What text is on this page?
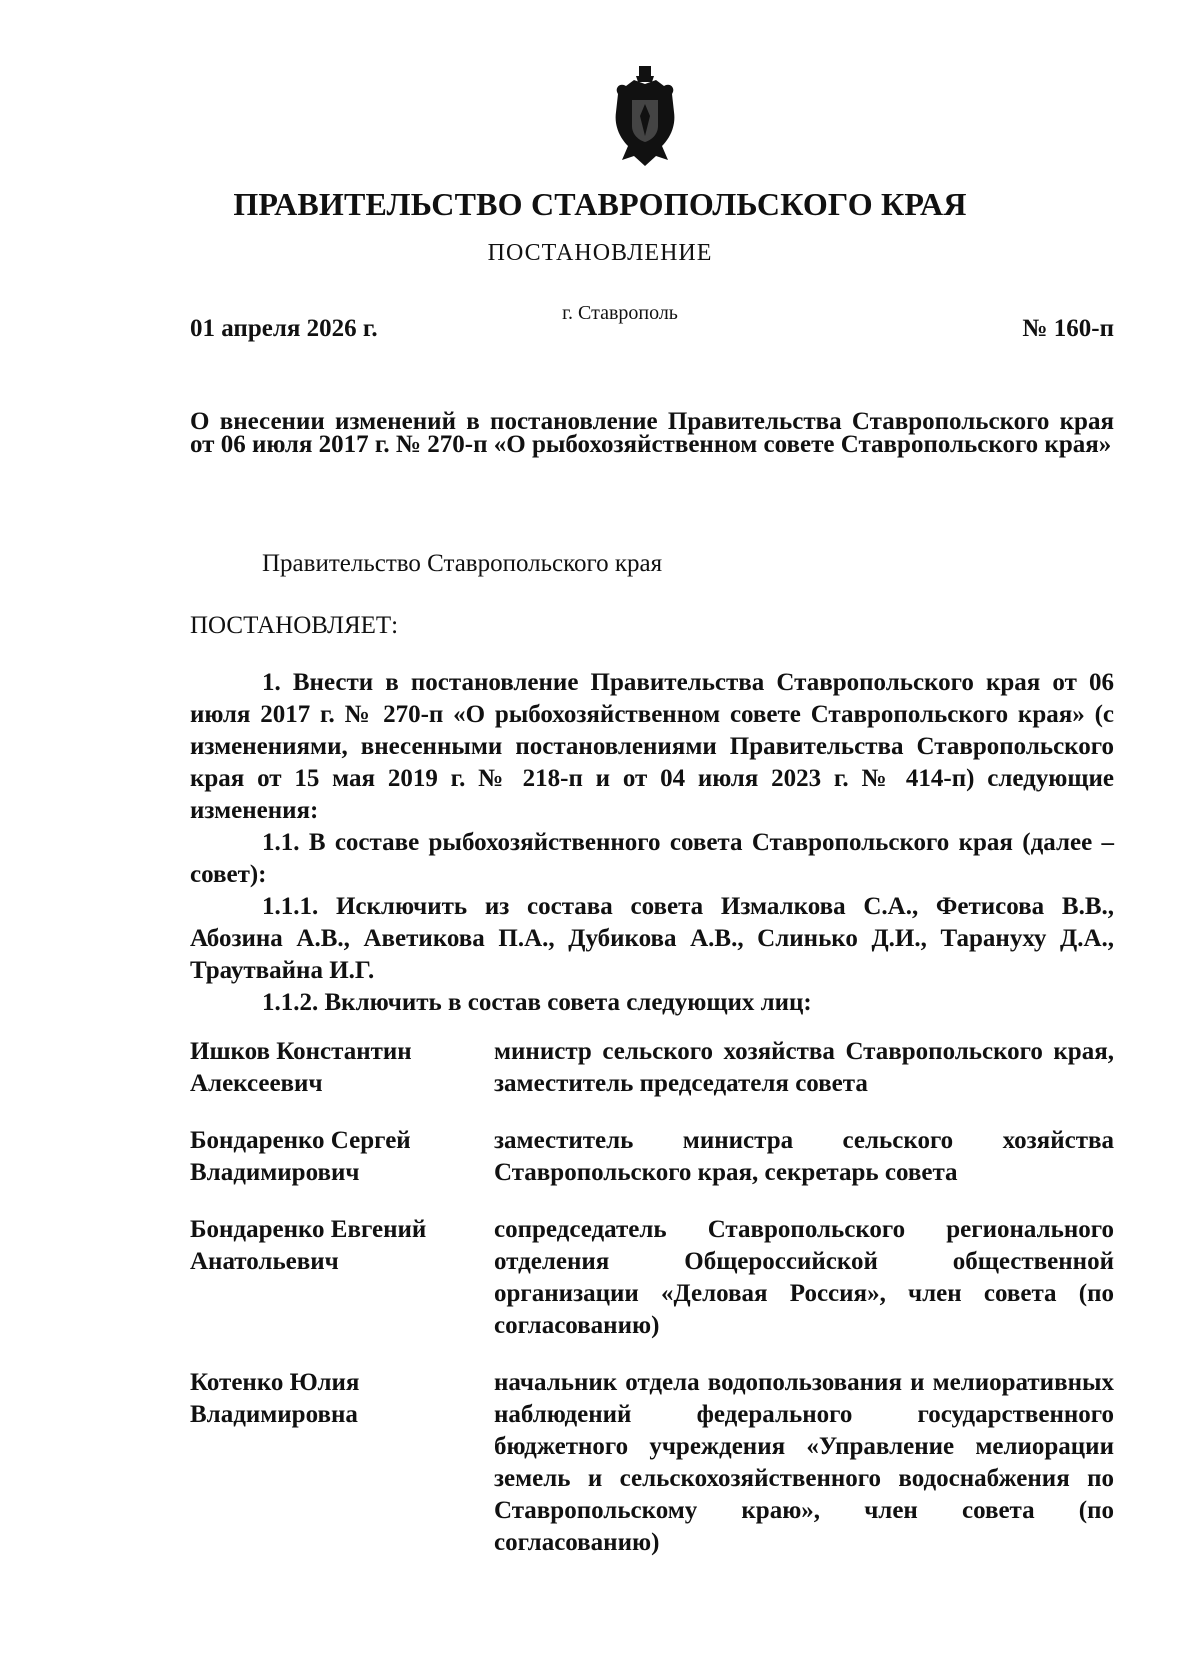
ПРАВИТЕЛЬСТВО СТАВРОПОЛЬСКОГО КРАЯ
ПОСТАНОВЛЕНИЕ
г. Ставрополь
01 апреля 2026 г.	№ 160-п
О внесении изменений в постановление Правительства Ставропольского края от 06 июля 2017 г. № 270-п «О рыбохозяйственном совете Ставропольского края»
Правительство Ставропольского края
ПОСТАНОВЛЯЕТ:

1. Внести в постановление Правительства Ставропольского края от 06 июля 2017 г. № 270-п «О рыбохозяйственном совете Ставропольского края» (с изменениями, внесенными постановлениями Правительства Ставропольского края от 15 мая 2019 г. № 218-п и от 04 июля 2023 г. № 414-п) следующие изменения:

1.1. В составе рыбохозяйственного совета Ставропольского края (далее – совет):

1.1.1. Исключить из состава совета Измалкова С.А., Фетисова В.В., Абозина А.В., Аветикова П.А., Дубикова А.В., Слинько Д.И., Тарануху Д.А., Траутвайна И.Г.

1.1.2. Включить в состав совета следующих лиц:

Ишков Константин Алексеевич
министр сельского хозяйства Ставропольского края, заместитель председателя совета
Бондаренко Сергей Владимирович
заместитель министра сельского хозяйства Ставропольского края, секретарь совета
Бондаренко Евгений Анатольевич
сопредседатель Ставропольского регионального отделения Общероссийской общественной организации «Деловая Россия», член совета (по согласованию)
Котенко Юлия Владимировна
начальник отдела водопользования и мелиоративных наблюдений федерального государственного бюджетного учреждения «Управление мелиорации земель и сельскохозяйственного водоснабжения по Ставропольскому краю», член совета (по согласованию)
